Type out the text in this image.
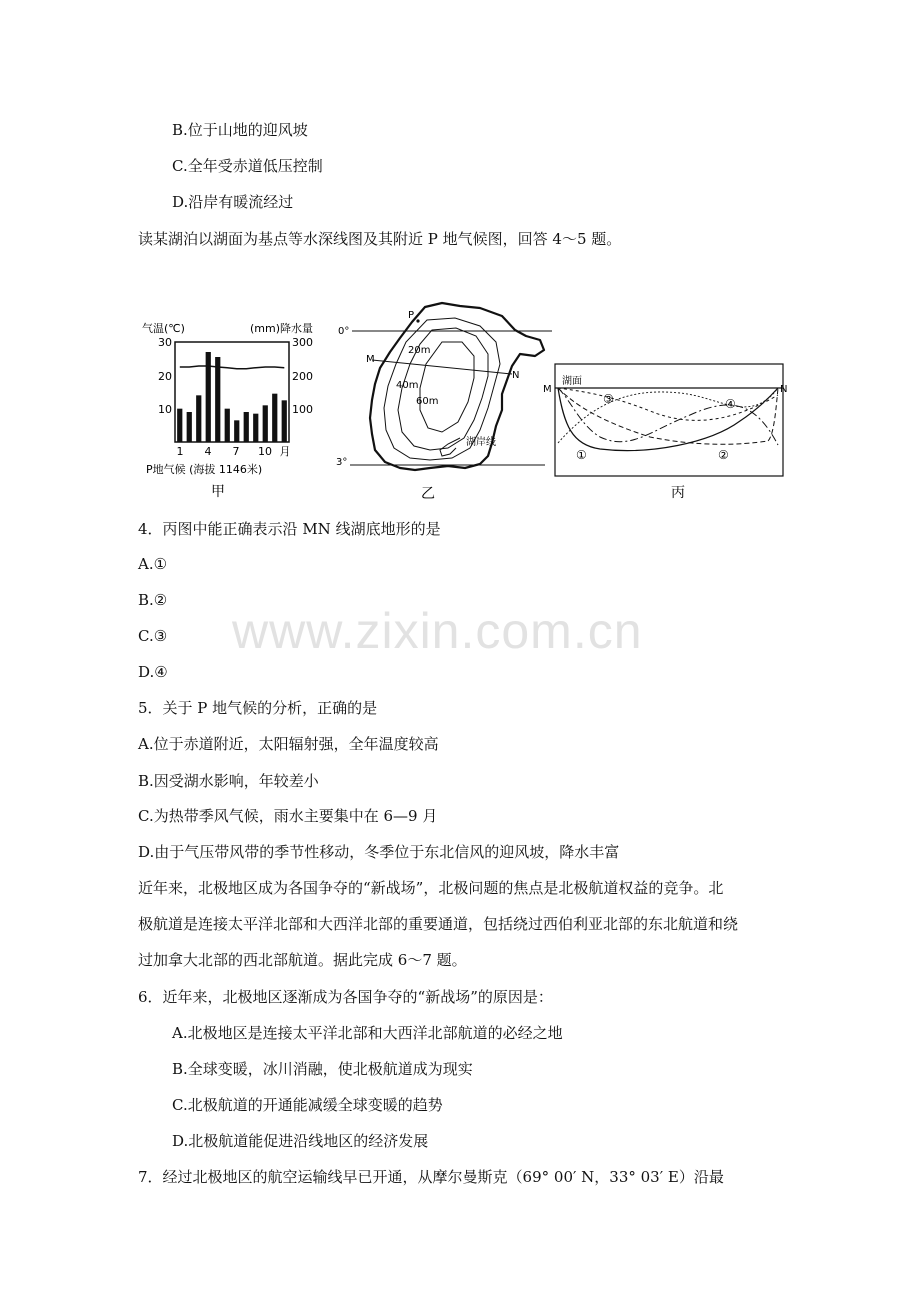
B.位于山地的迎风坡
C.全年受赤道低压控制
D.沿岸有暖流经过
读某湖泊以湖面为基点等水深线图及其附近 P 地气候图，回答 4～5 题。
气温(℃)	(mm)降水量
30
20
10
300
200
100
1 4 7 10 月
P地气候 (海拔 1146米)
甲
0°
3°
P
M
N
20m
40m
60m
湖岸线
乙
湖面
M	N
①	②
③	④
丙
4．丙图中能正确表示沿 MN 线湖底地形的是
A.①
B.②
C.③
D.④
www.zixin.com.cn
5．关于 P 地气候的分析，正确的是
A.位于赤道附近，太阳辐射强，全年温度较高
B.因受湖水影响，年较差小
C.为热带季风气候，雨水主要集中在 6—9 月
D.由于气压带风带的季节性移动，冬季位于东北信风的迎风坡，降水丰富
近年来，北极地区成为各国争夺的“新战场”，北极问题的焦点是北极航道权益的竞争。北
极航道是连接太平洋北部和大西洋北部的重要通道，包括绕过西伯利亚北部的东北航道和绕
过加拿大北部的西北部航道。据此完成 6～7 题。
6．近年来，北极地区逐渐成为各国争夺的“新战场”的原因是：
A.北极地区是连接太平洋北部和大西洋北部航道的必经之地
B.全球变暖，冰川消融，使北极航道成为现实
C.北极航道的开通能减缓全球变暖的趋势
D.北极航道能促进沿线地区的经济发展
7．经过北极地区的航空运输线早已开通，从摩尔曼斯克（69° 00′ N，33° 03′ E）沿最
